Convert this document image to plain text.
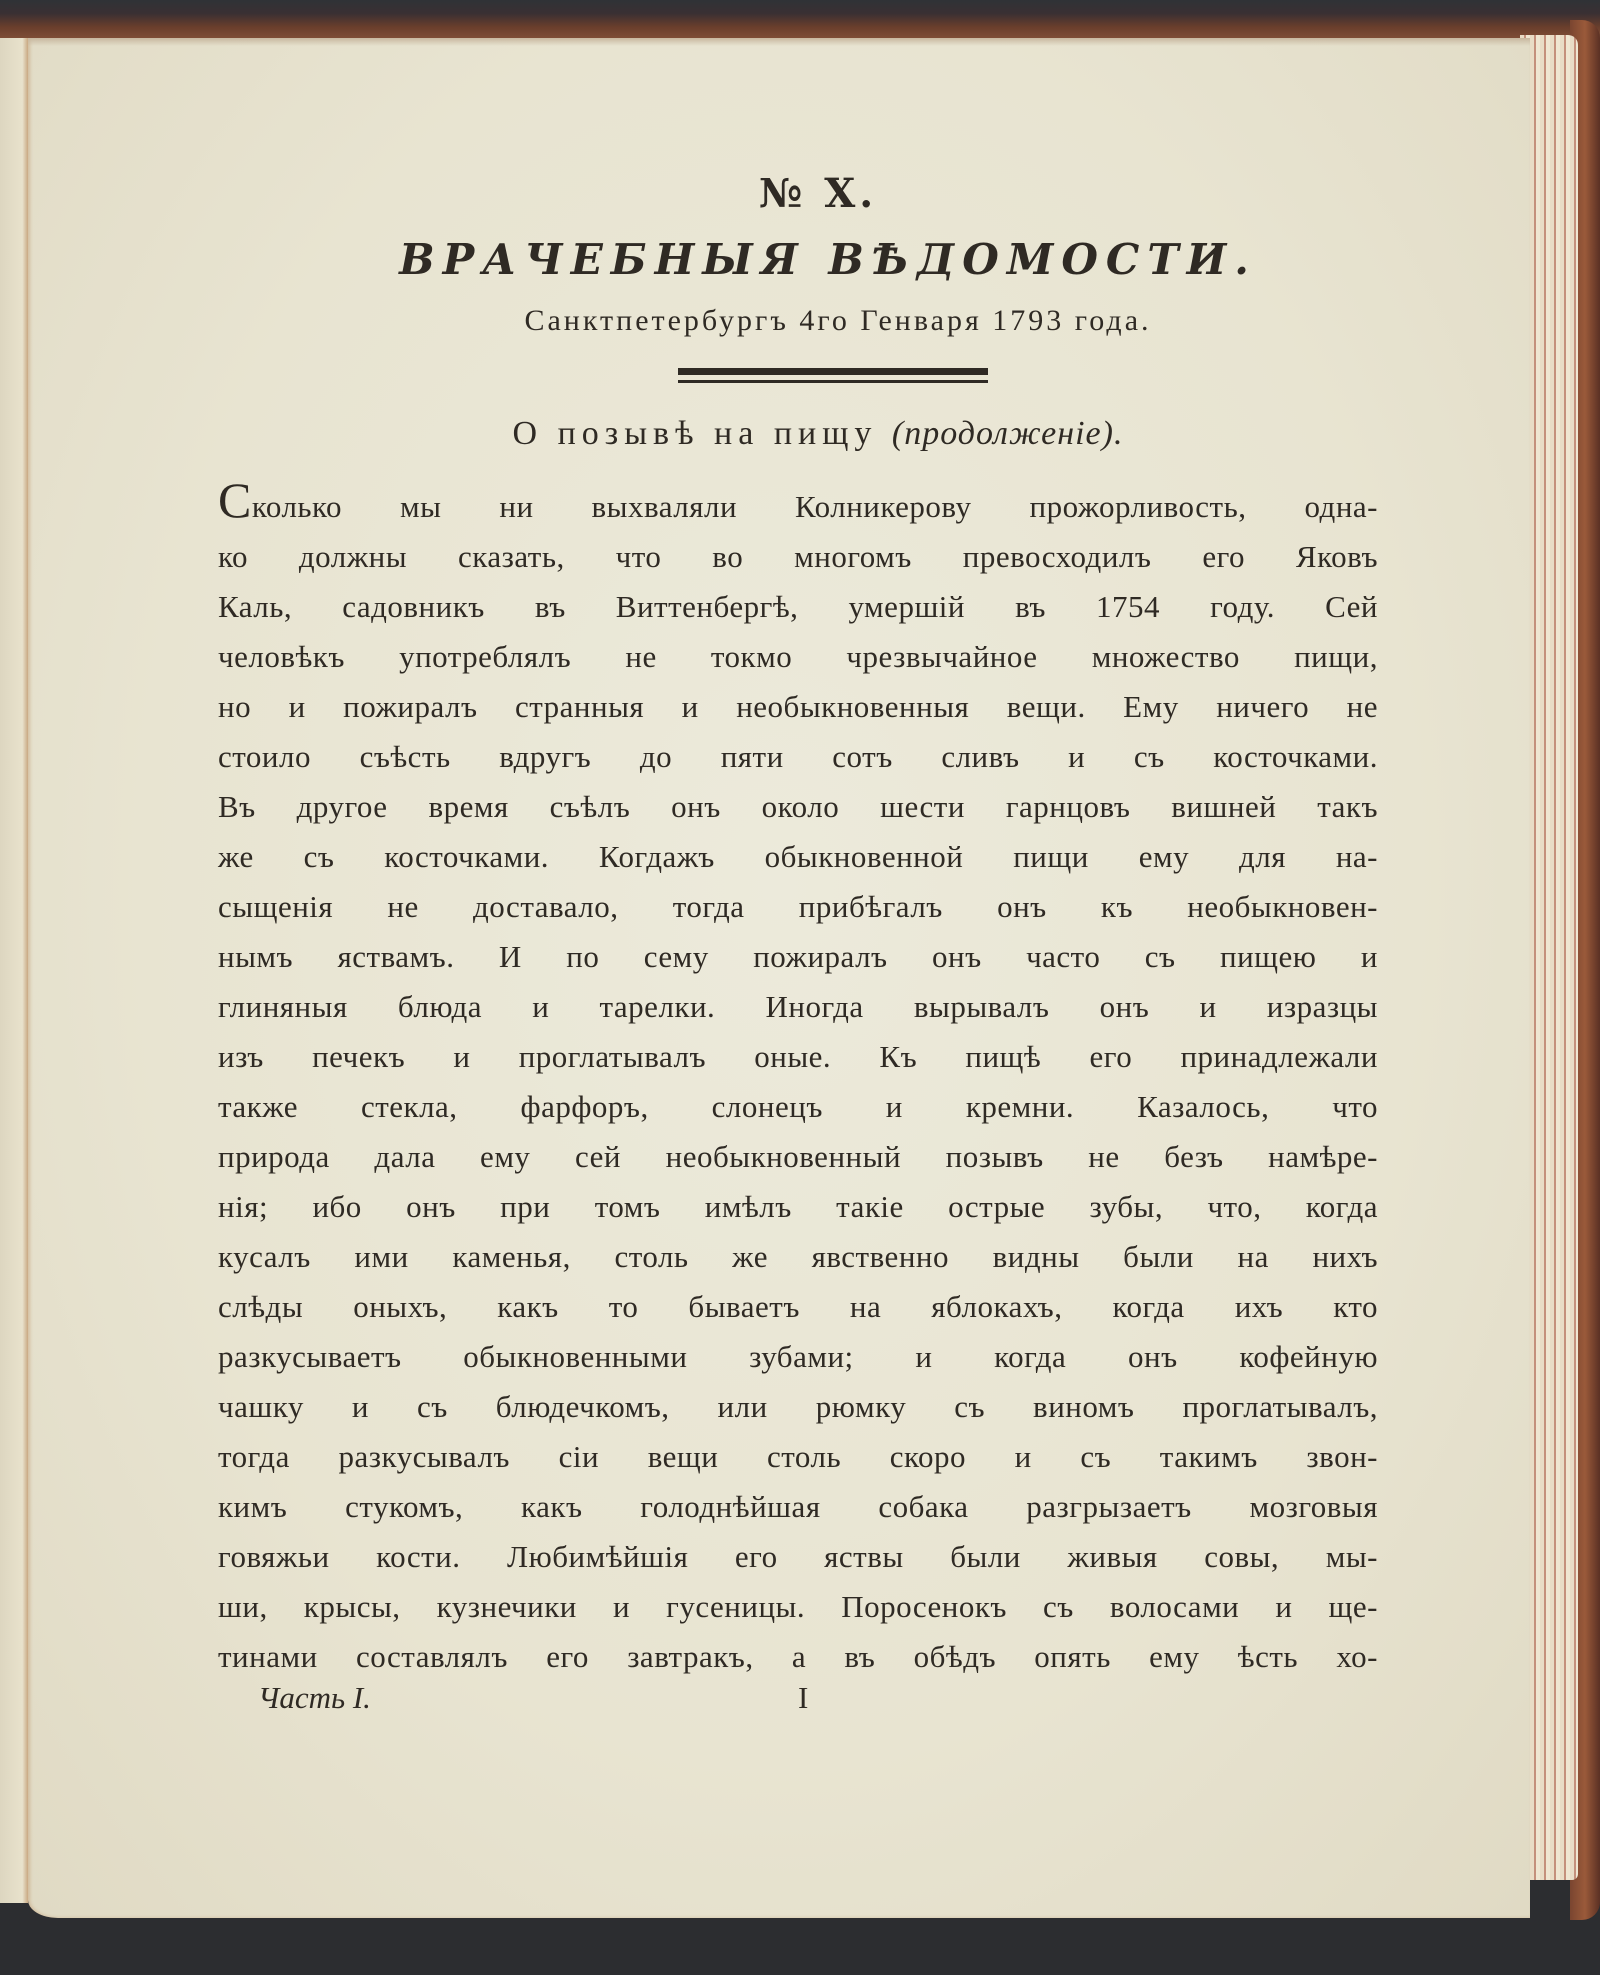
№ X.
ВРАЧЕБНЫЯ ВѢДОМОСТИ.
Санктпетербургъ 4го Генваря 1793 года.
О позывѣ на пищу (продолженіе).
Сколько мы ни выхваляли Колникерову прожорливость, одна-
ко должны сказать, что во многомъ превосходилъ его Яковъ
Каль, садовникъ въ Виттенбергѣ, умершій въ 1754 году. Сей
человѣкъ употреблялъ не токмо чрезвычайное множество пищи,
но и пожиралъ странныя и необыкновенныя вещи. Ему ничего не
стоило съѣсть вдругъ до пяти сотъ сливъ и съ косточками.
Въ другое время съѣлъ онъ около шести гарнцовъ вишней такъ
же съ косточками. Когдажъ обыкновенной пищи ему для на-
сыщенія не доставало, тогда прибѣгалъ онъ къ необыкновен-
нымъ яствамъ. И по сему пожиралъ онъ часто съ пищею и
глиняныя блюда и тарелки. Иногда вырывалъ онъ и изразцы
изъ печекъ и проглатывалъ оные. Къ пищѣ его принадлежали
также стекла, фарфоръ, слонецъ и кремни. Казалось, что
природа дала ему сей необыкновенный позывъ не безъ намѣре-
нія; ибо онъ при томъ имѣлъ такіе острые зубы, что, когда
кусалъ ими каменья, столь же явственно видны были на нихъ
слѣды оныхъ, какъ то бываетъ на яблокахъ, когда ихъ кто
разкусываетъ обыкновенными зубами; и когда онъ кофейную
чашку и съ блюдечкомъ, или рюмку съ виномъ проглатывалъ,
тогда разкусывалъ сіи вещи столь скоро и съ такимъ звон-
кимъ стукомъ, какъ голоднѣйшая собака разгрызаетъ мозговыя
говяжьи кости. Любимѣйшія его яствы были живыя совы, мы-
ши, крысы, кузнечики и гусеницы. Поросенокъ съ волосами и ще-
тинами составлялъ его завтракъ, а въ обѣдъ опять ему ѣсть хо-
Часть I.	I
